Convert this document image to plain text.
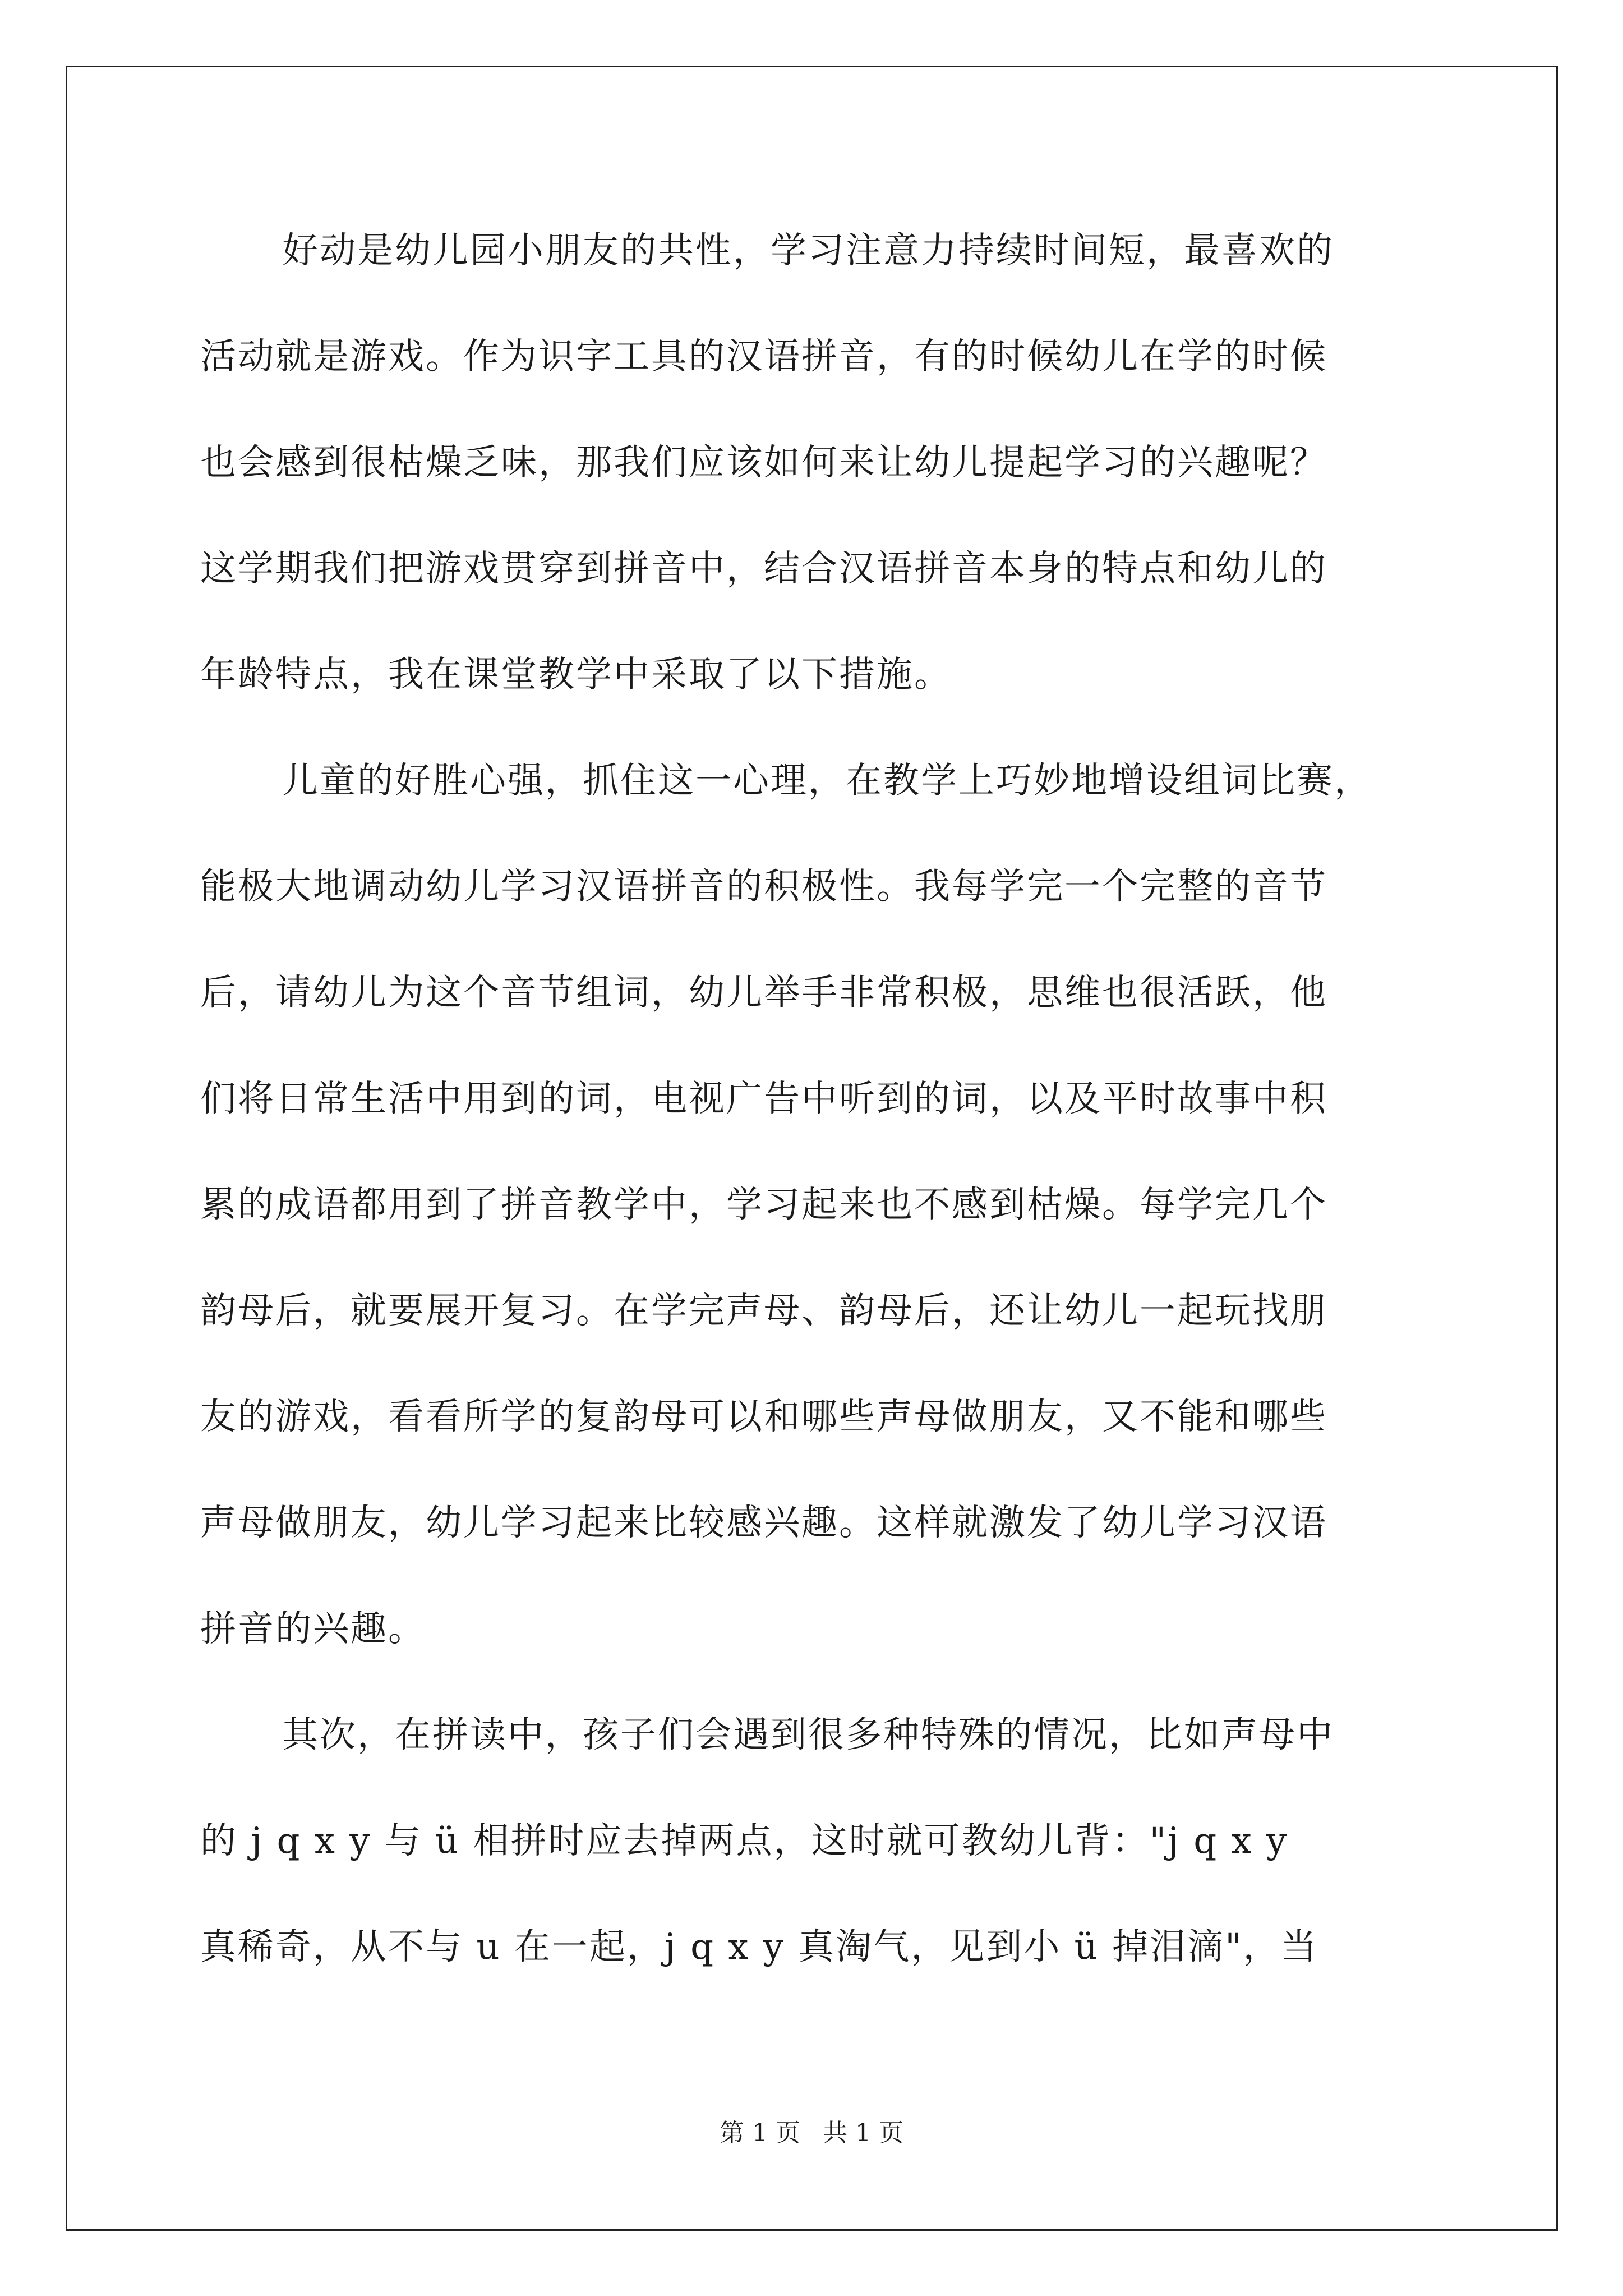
好动是幼儿园小朋友的共性，学习注意力持续时间短，最喜欢的
活动就是游戏。作为识字工具的汉语拼音，有的时候幼儿在学的时候
也会感到很枯燥乏味，那我们应该如何来让幼儿提起学习的兴趣呢？
这学期我们把游戏贯穿到拼音中，结合汉语拼音本身的特点和幼儿的
年龄特点，我在课堂教学中采取了以下措施。
儿童的好胜心强，抓住这一心理，在教学上巧妙地增设组词比赛，
能极大地调动幼儿学习汉语拼音的积极性。我每学完一个完整的音节
后，请幼儿为这个音节组词，幼儿举手非常积极，思维也很活跃，他
们将日常生活中用到的词，电视广告中听到的词，以及平时故事中积
累的成语都用到了拼音教学中，学习起来也不感到枯燥。每学完几个
韵母后，就要展开复习。在学完声母、韵母后，还让幼儿一起玩找朋
友的游戏，看看所学的复韵母可以和哪些声母做朋友，又不能和哪些
声母做朋友，幼儿学习起来比较感兴趣。这样就激发了幼儿学习汉语
拼音的兴趣。
其次，在拼读中，孩子们会遇到很多种特殊的情况，比如声母中
的 j q x y 与 ü 相拼时应去掉两点，这时就可教幼儿背："j q x y
真稀奇，从不与 u 在一起，j q x y 真淘气，见到小 ü 掉泪滴"，当
第 1 页 共 1 页
